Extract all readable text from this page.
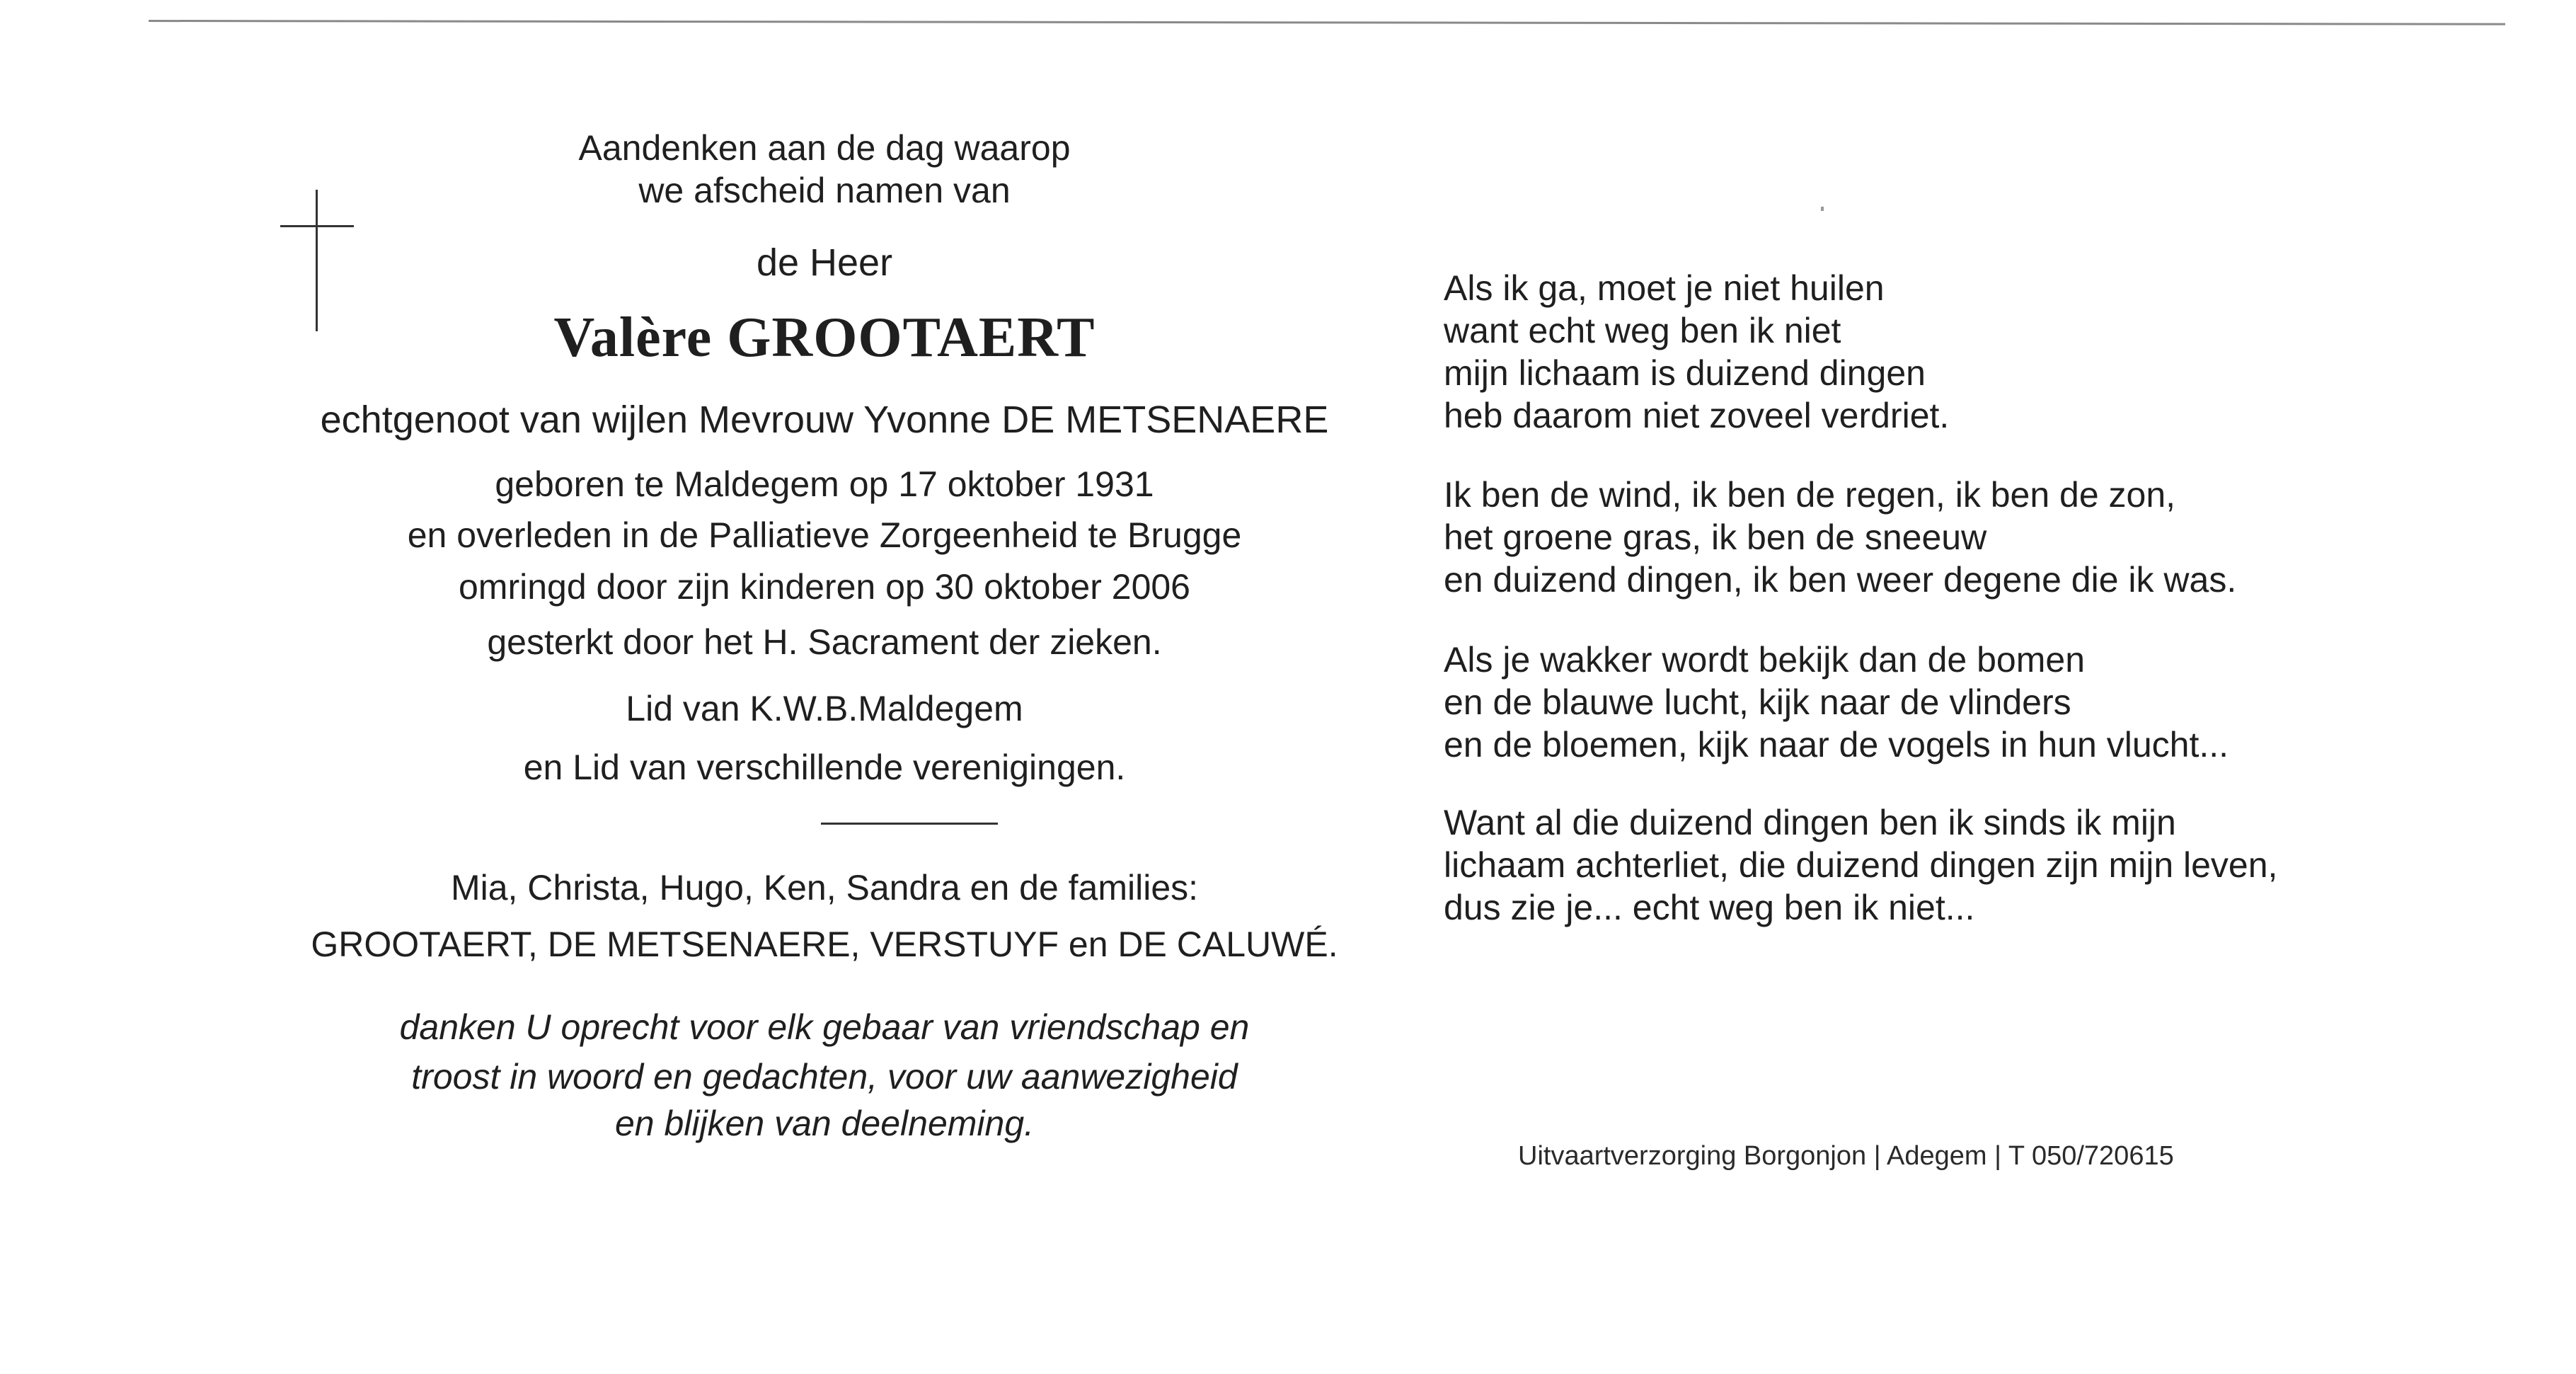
Aandenken aan de dag waarop
we afscheid namen van
de Heer
Valère GROOTAERT
echtgenoot van wijlen Mevrouw Yvonne DE METSENAERE
geboren te Maldegem op 17 oktober 1931
en overleden in de Palliatieve Zorgeenheid te Brugge
omringd door zijn kinderen op 30 oktober 2006
gesterkt door het H. Sacrament der zieken.
Lid van K.W.B.Maldegem
en Lid van verschillende verenigingen.
Mia, Christa, Hugo, Ken, Sandra en de families:
GROOTAERT, DE METSENAERE, VERSTUYF en DE CALUWÉ.
danken U oprecht voor elk gebaar van vriendschap en
troost in woord en gedachten, voor uw aanwezigheid
en blijken van deelneming.
Als ik ga, moet je niet huilen
want echt weg ben ik niet
mijn lichaam is duizend dingen
heb daarom niet zoveel verdriet.
Ik ben de wind, ik ben de regen, ik ben de zon,
het groene gras, ik ben de sneeuw
en duizend dingen, ik ben weer degene die ik was.
Als je wakker wordt bekijk dan de bomen
en de blauwe lucht, kijk naar de vlinders
en de bloemen, kijk naar de vogels in hun vlucht...
Want al die duizend dingen ben ik sinds ik mijn
lichaam achterliet, die duizend dingen zijn mijn leven,
dus zie je... echt weg ben ik niet...
Uitvaartverzorging Borgonjon | Adegem | T 050/720615
